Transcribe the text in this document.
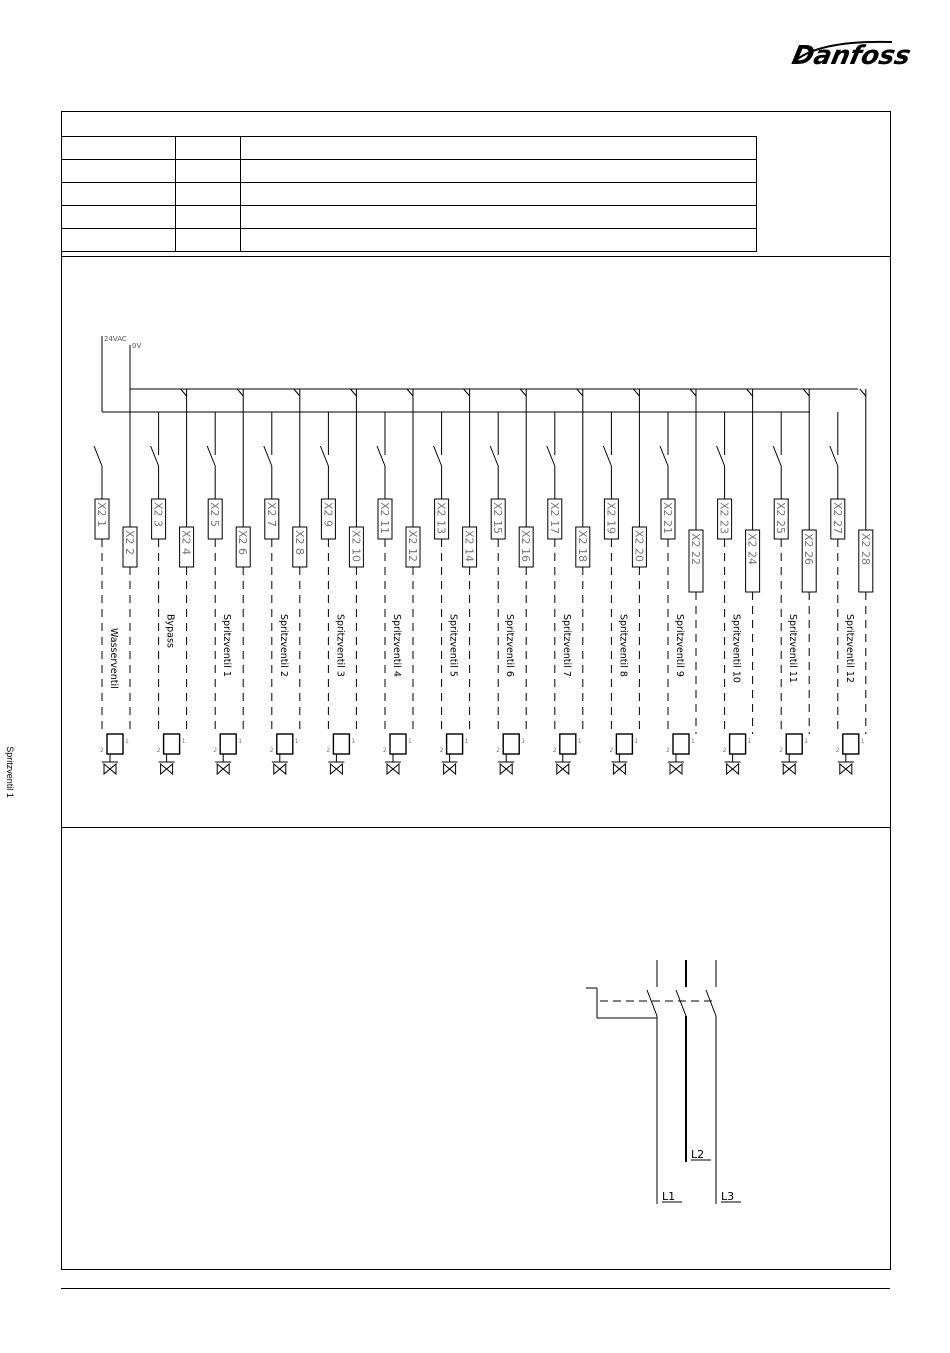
Danfoss
Spritzventil 1
24VAC
0V
X2 1
X2 2
Wasserventil
2
1
X2 3
X2 4
Bypass
2
1
X2 5
X2 6
Spritzventil 1
2
1
X2 7
X2 8
Spritzventil 2
2
1
X2 9
X2 10
Spritzventil 3
2
1
X2 11
X2 12
Spritzventil 4
2
1
X2 13
X2 14
Spritzventil 5
2
1
X2 15
X2 16
Spritzventil 6
2
1
X2 17
X2 18
Spritzventil 7
2
1
X2 19
X2 20
Spritzventil 8
2
1
X2 21
X2 22
Spritzventil 9
2
1
X2 23
X2 24
Spritzventil 10
2
1
X2 25
X2 26
Spritzventil 11
2
1
X2 27
X2 28
Spritzventil 12
2
1
L1
L2
L3
